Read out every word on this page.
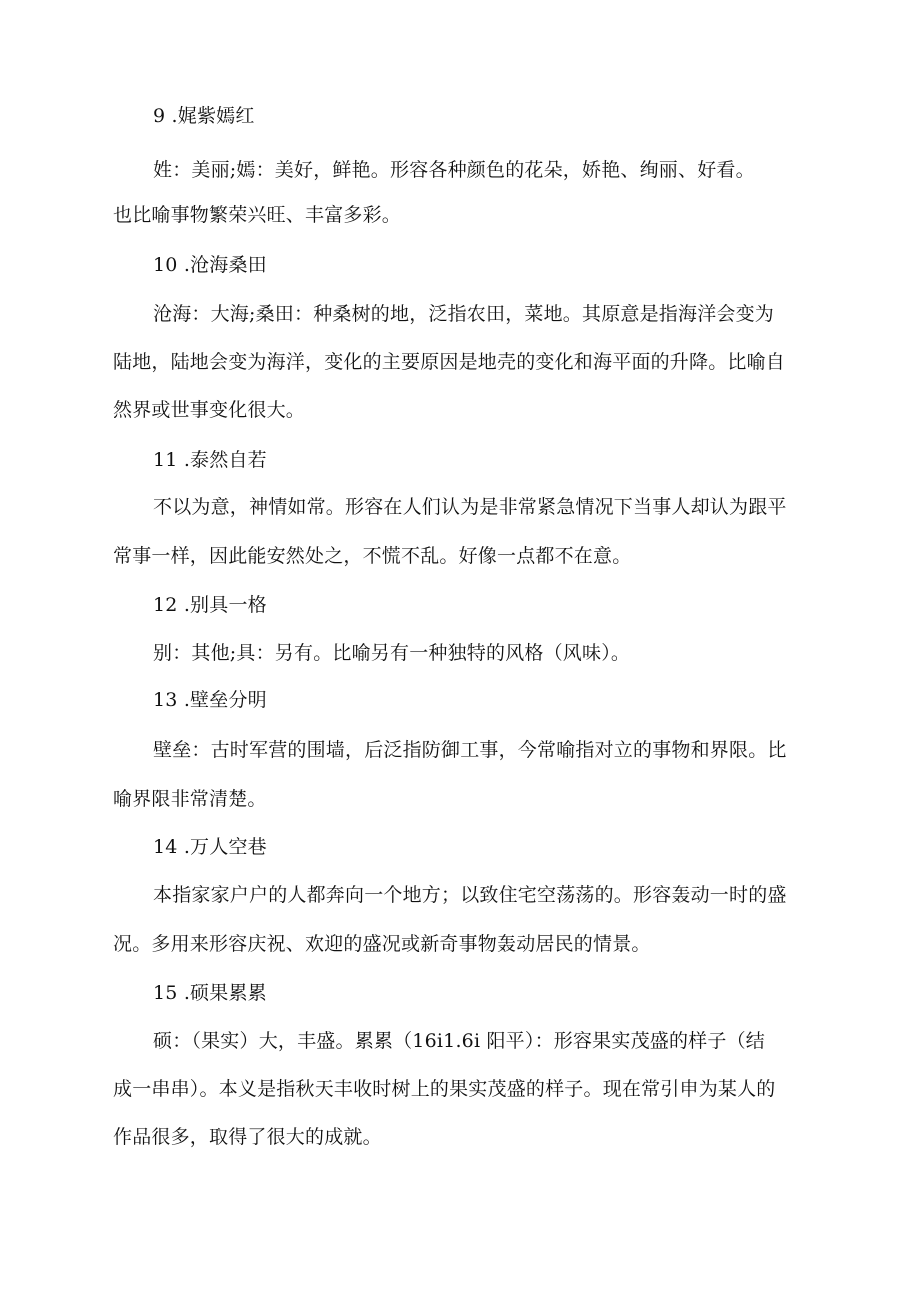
9 .娓紫嫣红
姓：美丽;嫣：美好，鲜艳。形容各种颜色的花朵，娇艳、绚丽、好看。
也比喻事物繁荣兴旺、丰富多彩。
10 .沧海桑田
沧海：大海;桑田：种桑树的地，泛指农田，菜地。其原意是指海洋会变为
陆地，陆地会变为海洋，变化的主要原因是地壳的变化和海平面的升降。比喻自
然界或世事变化很大。
11 .泰然自若
不以为意，神情如常。形容在人们认为是非常紧急情况下当事人却认为跟平
常事一样，因此能安然处之，不慌不乱。好像一点都不在意。
12 .别具一格
别：其他;具：另有。比喻另有一种独特的风格（风味）。
13 .壁垒分明
壁垒：古时军营的围墙，后泛指防御工事，今常喻指对立的事物和界限。比
喻界限非常清楚。
14 .万人空巷
本指家家户户的人都奔向一个地方；以致住宅空荡荡的。形容轰动一时的盛
况。多用来形容庆祝、欢迎的盛况或新奇事物轰动居民的情景。
15 .硕果累累
硕：（果实）大，丰盛。累累（16i1.6i 阳平）：形容果实茂盛的样子（结
成一串串）。本义是指秋天丰收时树上的果实茂盛的样子。现在常引申为某人的
作品很多，取得了很大的成就。
